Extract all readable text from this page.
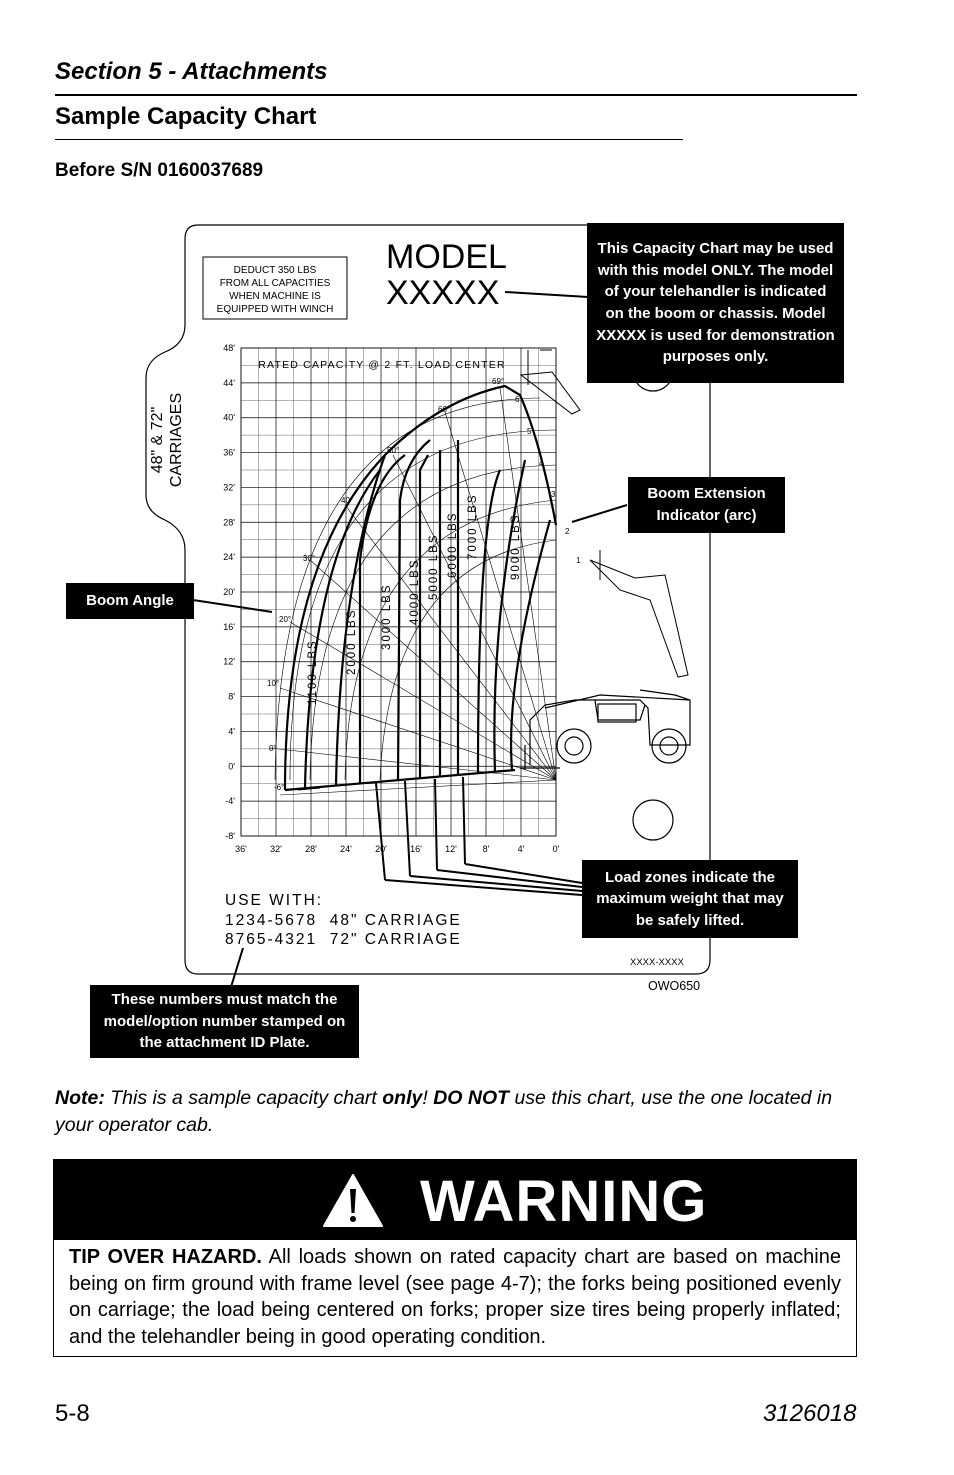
Section 5 - Attachments
Sample Capacity Chart
Before S/N 0160037689
DEDUCT 350 LBS
FROM ALL CAPACITIES
WHEN MACHINE IS
EQUIPPED WITH WINCH
MODEL
XXXXX
48" & 72" CARRIAGES
36'	32'	28'	24'	20'	16'	12'	8'	4'	0'
48'
44'
40'
36'
32'
28'
24'
20'
16'
12'
8'
4'
0'
-4'
-8'
RATED CAPACITY @ 2 FT. LOAD CENTER
1100 LBS 2000 LBS 3000 LBS 4000 LBS 5000 LBS 6000 LBS 7000 LBS	9000 LBS
69°
60°
50°
40°
30°
20°
10°
0°
-6°
6
5
4
3
2
1
USE WITH:
1234-5678  48" CARRIAGE
8765-4321  72" CARRIAGE
XXXX-XXXX
OWO650
This Capacity Chart may be used with this model ONLY. The model of your telehandler is indicated on the boom or chassis. Model XXXXX is used for demonstration purposes only.
Boom Extension Indicator (arc)
Boom Angle
Load zones indicate the maximum weight that may be safely lifted.
These numbers must match the model/option number stamped on the attachment ID Plate.
Note: This is a sample capacity chart only! DO NOT use this chart, use the one located in your operator cab.
WARNING
TIP OVER HAZARD. All loads shown on rated capacity chart are based on machine being on firm ground with frame level (see page 4-7); the forks being positioned evenly on carriage; the load being centered on forks; proper size tires being properly inflated; and the telehandler being in good operating condition.
5-8	3126018
